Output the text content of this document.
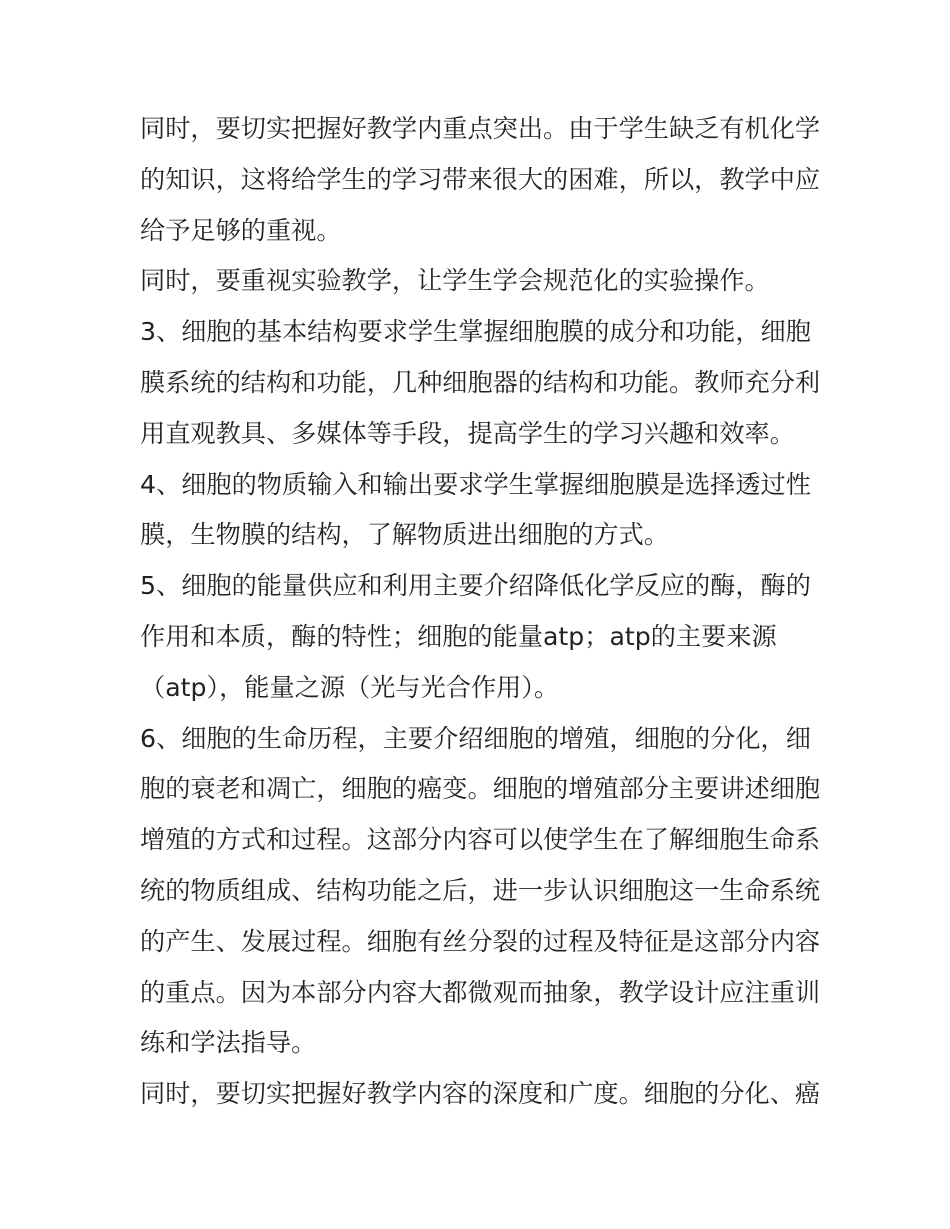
同时，要切实把握好教学内重点突出。由于学生缺乏有机化学
的知识，这将给学生的学习带来很大的困难，所以，教学中应
给予足够的重视。
同时，要重视实验教学，让学生学会规范化的实验操作。
3、细胞的基本结构要求学生掌握细胞膜的成分和功能，细胞
膜系统的结构和功能，几种细胞器的结构和功能。教师充分利
用直观教具、多媒体等手段，提高学生的学习兴趣和效率。
4、细胞的物质输入和输出要求学生掌握细胞膜是选择透过性
膜，生物膜的结构，了解物质进出细胞的方式。
5、细胞的能量供应和利用主要介绍降低化学反应的酶，酶的
作用和本质，酶的特性；细胞的能量atp；atp的主要来源
（atp），能量之源（光与光合作用）。
6、细胞的生命历程，主要介绍细胞的增殖，细胞的分化，细
胞的衰老和凋亡，细胞的癌变。细胞的增殖部分主要讲述细胞
增殖的方式和过程。这部分内容可以使学生在了解细胞生命系
统的物质组成、结构功能之后，进一步认识细胞这一生命系统
的产生、发展过程。细胞有丝分裂的过程及特征是这部分内容
的重点。因为本部分内容大都微观而抽象，教学设计应注重训
练和学法指导。
同时，要切实把握好教学内容的深度和广度。细胞的分化、癌
